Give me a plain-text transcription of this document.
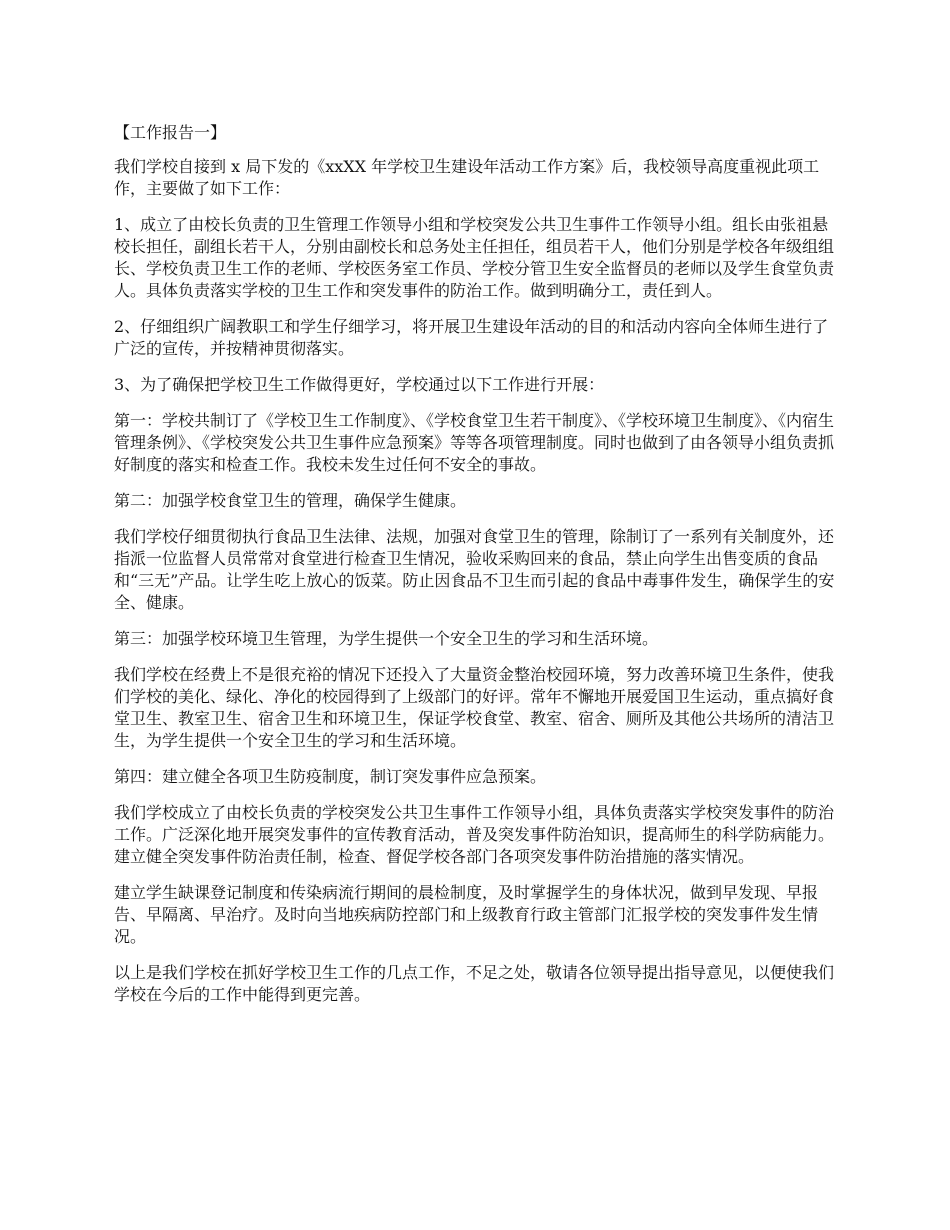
【工作报告一】

我们学校自接到 x 局下发的《xxXX 年学校卫生建设年活动工作方案》后，我校领导高度重视此项工作，主要做了如下工作：

1、成立了由校长负责的卫生管理工作领导小组和学校突发公共卫生事件工作领导小组。组长由张祖悬校长担任，副组长若干人，分别由副校长和总务处主任担任，组员若干人，他们分别是学校各年级组组长、学校负责卫生工作的老师、学校医务室工作员、学校分管卫生安全监督员的老师以及学生食堂负责人。具体负责落实学校的卫生工作和突发事件的防治工作。做到明确分工，责任到人。

2、仔细组织广阔教职工和学生仔细学习，将开展卫生建设年活动的目的和活动内容向全体师生进行了广泛的宣传，并按精神贯彻落实。

3、为了确保把学校卫生工作做得更好，学校通过以下工作进行开展：

第一：学校共制订了《学校卫生工作制度》、《学校食堂卫生若干制度》、《学校环境卫生制度》、《内宿生管理条例》、《学校突发公共卫生事件应急预案》等等各项管理制度。同时也做到了由各领导小组负责抓好制度的落实和检查工作。我校未发生过任何不安全的事故。

第二：加强学校食堂卫生的管理，确保学生健康。

我们学校仔细贯彻执行食品卫生法律、法规，加强对食堂卫生的管理，除制订了一系列有关制度外，还指派一位监督人员常常对食堂进行检查卫生情况，验收采购回来的食品，禁止向学生出售变质的食品和“三无”产品。让学生吃上放心的饭菜。防止因食品不卫生而引起的食品中毒事件发生，确保学生的安全、健康。

第三：加强学校环境卫生管理，为学生提供一个安全卫生的学习和生活环境。

我们学校在经费上不是很充裕的情况下还投入了大量资金整治校园环境，努力改善环境卫生条件，使我们学校的美化、绿化、净化的校园得到了上级部门的好评。常年不懈地开展爱国卫生运动，重点搞好食堂卫生、教室卫生、宿舍卫生和环境卫生，保证学校食堂、教室、宿舍、厕所及其他公共场所的清洁卫生，为学生提供一个安全卫生的学习和生活环境。

第四：建立健全各项卫生防疫制度，制订突发事件应急预案。

我们学校成立了由校长负责的学校突发公共卫生事件工作领导小组，具体负责落实学校突发事件的防治工作。广泛深化地开展突发事件的宣传教育活动，普及突发事件防治知识，提高师生的科学防病能力。建立健全突发事件防治责任制，检查、督促学校各部门各项突发事件防治措施的落实情况。

建立学生缺课登记制度和传染病流行期间的晨检制度，及时掌握学生的身体状况，做到早发现、早报告、早隔离、早治疗。及时向当地疾病防控部门和上级教育行政主管部门汇报学校的突发事件发生情况。

以上是我们学校在抓好学校卫生工作的几点工作，不足之处，敬请各位领导提出指导意见，以便使我们学校在今后的工作中能得到更完善。
